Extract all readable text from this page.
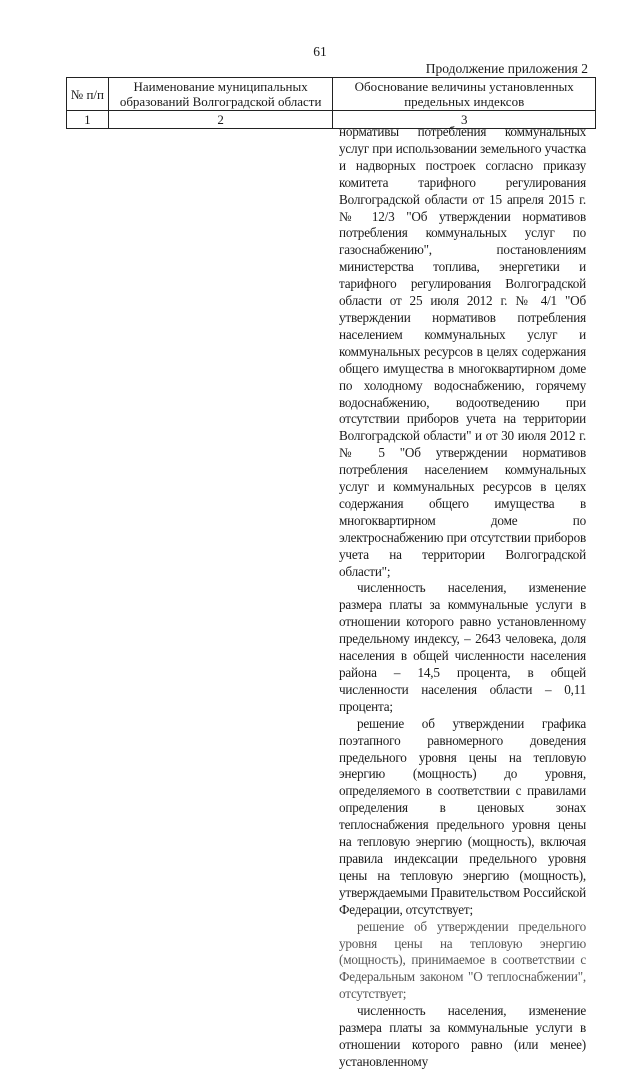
61
Продолжение приложения 2
№ п/п	Наименование муниципальных образований Волгоградской области	Обоснование величины установленных предельных индексов
1	2	3

нормативы потребления коммунальных услуг при использовании земельного участка и надворных построек согласно приказу комитета тарифного регулирования Волгоградской области от 15 апреля 2015 г. № 12/3 "Об утверждении нормативов потребления коммунальных услуг по газоснабжению", постановлениям министерства топлива, энергетики и тарифного регулирования Волгоградской области от 25 июля 2012 г. № 4/1 "Об утверждении нормативов потребления населением коммунальных услуг и коммунальных ресурсов в целях содержания общего имущества в многоквартирном доме по холодному водоснабжению, горячему водоснабжению, водоотведению при отсутствии приборов учета на территории Волгоградской области" и от 30 июля 2012 г. № 5 "Об утверждении нормативов потребления населением коммунальных услуг и коммунальных ресурсов в целях содержания общего имущества в многоквартирном доме по электроснабжению при отсутствии приборов учета на территории Волгоградской области";

численность населения, изменение размера платы за коммунальные услуги в отношении которого равно установленному предельному индексу, – 2643 человека, доля населения в общей численности населения района – 14,5 процента, в общей численности населения области – 0,11 процента;

решение об утверждении графика поэтапного равномерного доведения предельного уровня цены на тепловую энергию (мощность) до уровня, определяемого в соответствии с правилами определения в ценовых зонах теплоснабжения предельного уровня цены на тепловую энергию (мощность), включая правила индексации предельного уровня цены на тепловую энергию (мощность), утверждаемыми Правительством Российской Федерации, отсутствует;

решение об утверждении предельного уровня цены на тепловую энергию (мощность), принимаемое в соответствии с Федеральным законом "О теплоснабжении", отсутствует;

численность населения, изменение размера платы за коммунальные услуги в отношении которого равно (или менее) установленному
